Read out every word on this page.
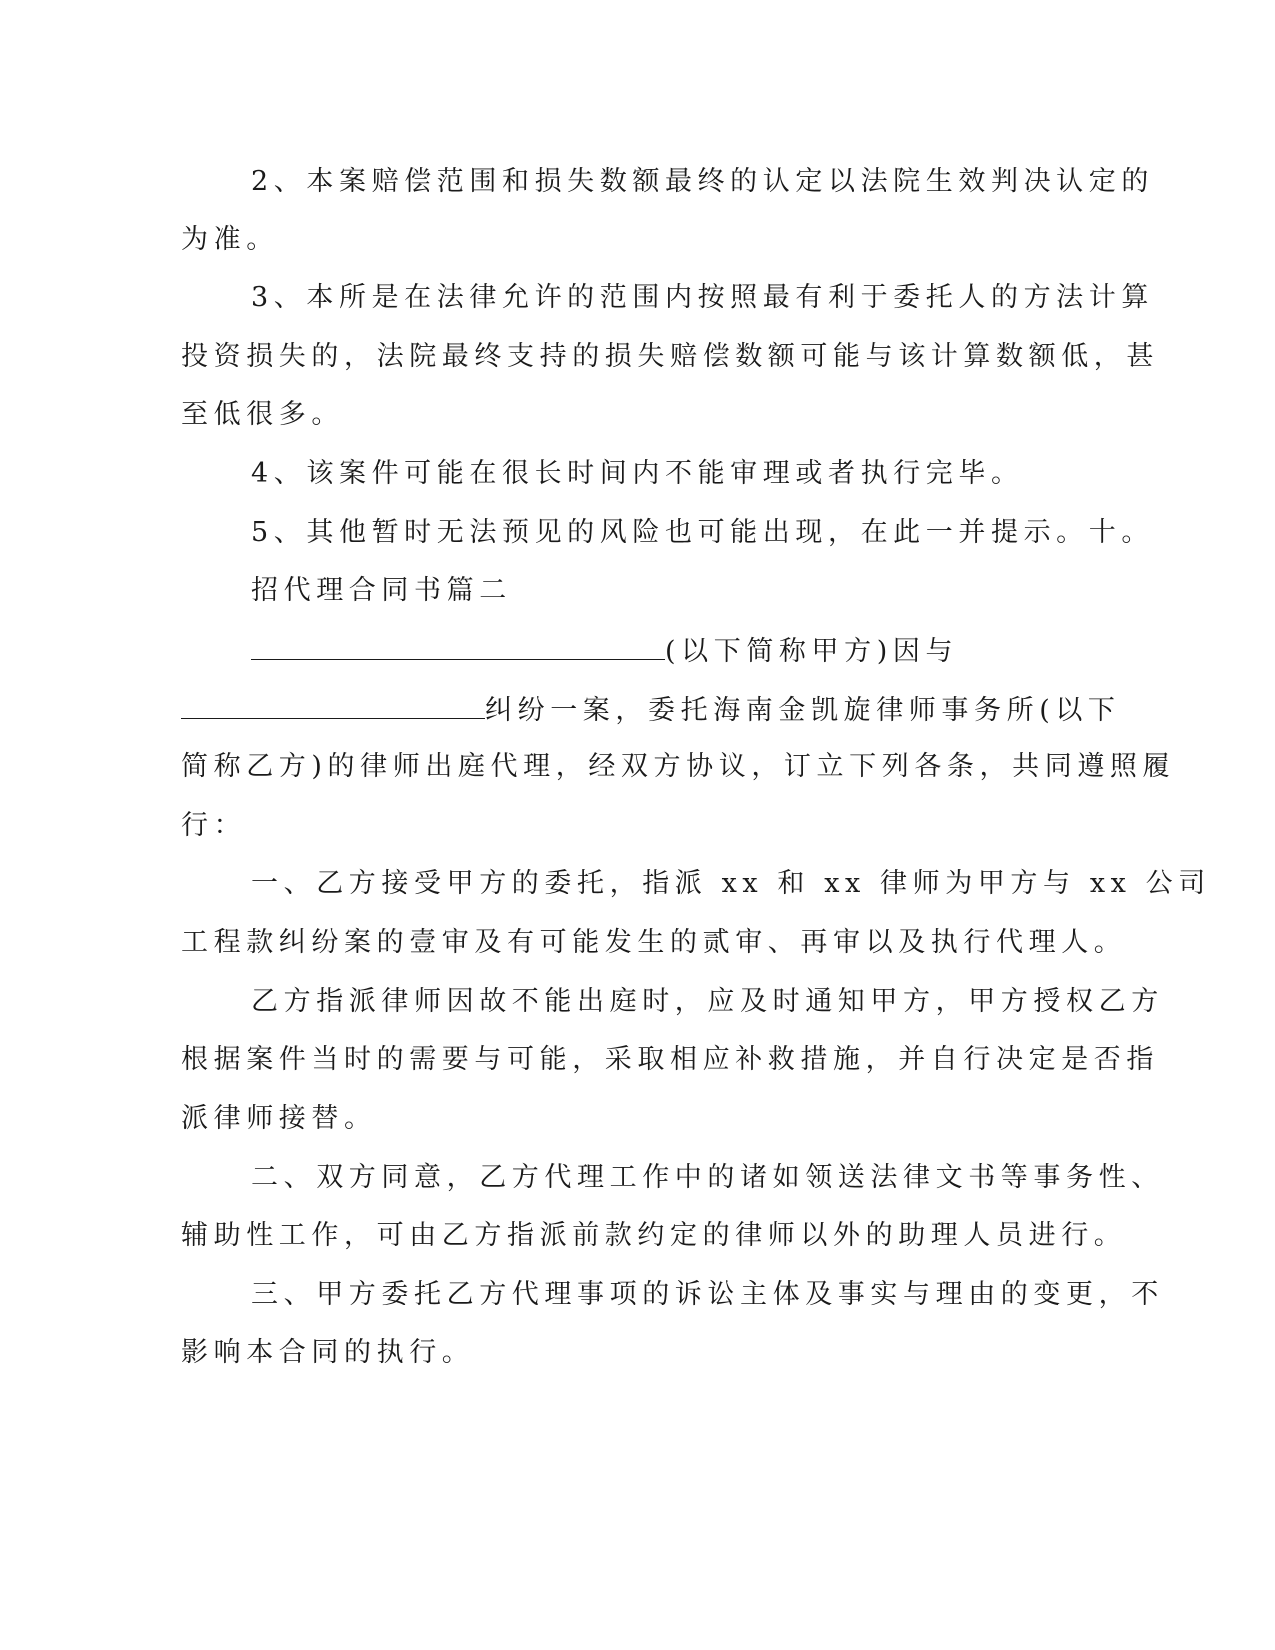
2、本案赔偿范围和损失数额最终的认定以法院生效判决认定的
为准。
3、本所是在法律允许的范围内按照最有利于委托人的方法计算
投资损失的，法院最终支持的损失赔偿数额可能与该计算数额低，甚
至低很多。
4、该案件可能在很长时间内不能审理或者执行完毕。
5、其他暂时无法预见的风险也可能出现，在此一并提示。十。
招代理合同书篇二
(以下简称甲方)因与
纠纷一案，委托海南金凯旋律师事务所(以下
简称乙方)的律师出庭代理，经双方协议，订立下列各条，共同遵照履
行：
一、乙方接受甲方的委托，指派 xx 和 xx 律师为甲方与 xx 公司
工程款纠纷案的壹审及有可能发生的贰审、再审以及执行代理人。
乙方指派律师因故不能出庭时，应及时通知甲方，甲方授权乙方
根据案件当时的需要与可能，采取相应补救措施，并自行决定是否指
派律师接替。
二、双方同意，乙方代理工作中的诸如领送法律文书等事务性、
辅助性工作，可由乙方指派前款约定的律师以外的助理人员进行。
三、甲方委托乙方代理事项的诉讼主体及事实与理由的变更，不
影响本合同的执行。
